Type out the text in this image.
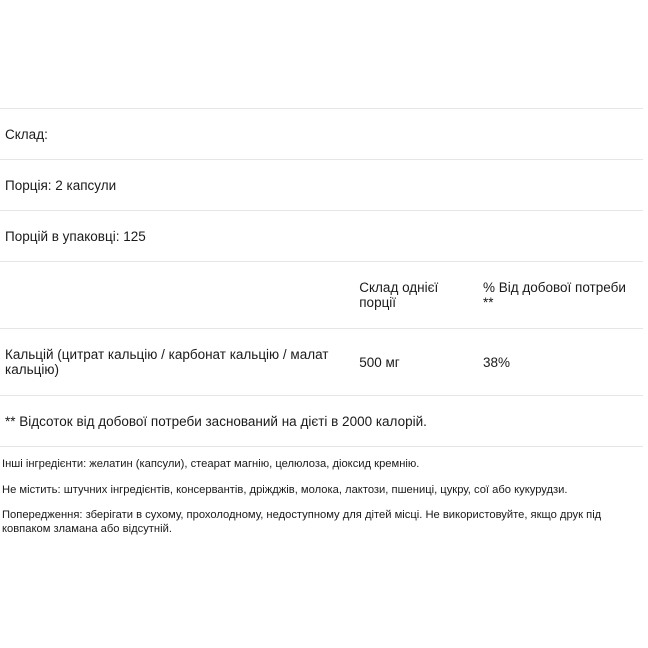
Склад:		
Порція: 2 капсули		
Порцій в упаковці: 125		
	Склад однієї порції	% Від добової потреби **
Кальцій (цитрат кальцію / карбонат кальцію / малат кальцію)	500 мг	38%
** Відсоток від добової потреби заснований на дієті в 2000 калорій.		

Інші інгредієнти: желатин (капсули), стеарат магнію, целюлоза, діоксид кремнію.

Не містить: штучних інгредієнтів, консервантів, дріжджів, молока, лактози, пшениці, цукру, сої або кукурудзи.

Попередження: зберігати в сухому, прохолодному, недоступному для дітей місці. Не використовуйте, якщо друк під ковпаком зламана або відсутній.
